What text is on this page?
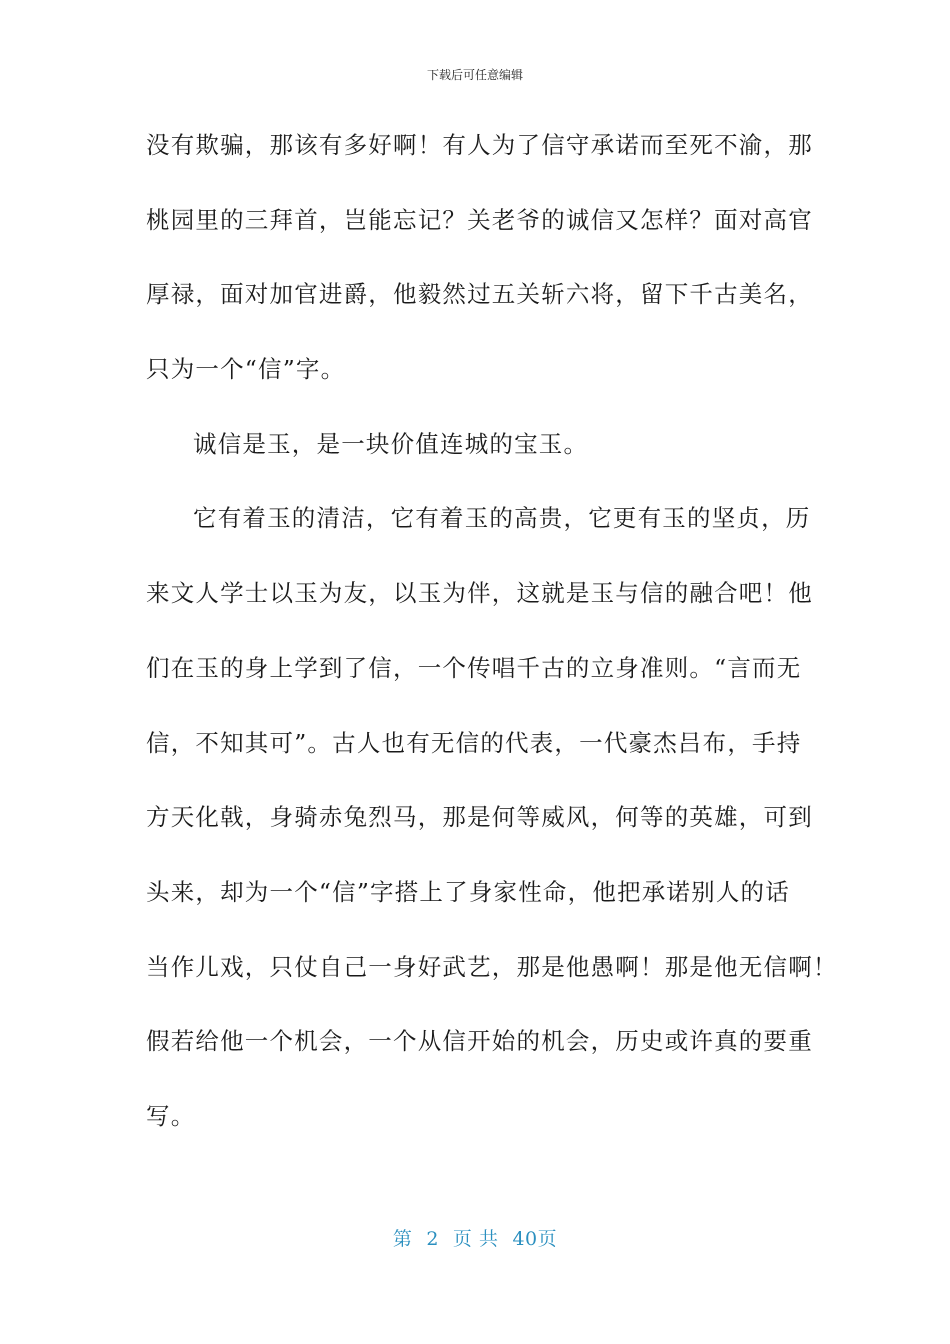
下载后可任意编辑
没有欺骗，那该有多好啊！有人为了信守承诺而至死不渝，那
桃园里的三拜首，岂能忘记？关老爷的诚信又怎样？面对高官
厚禄，面对加官进爵，他毅然过五关斩六将，留下千古美名，
只为一个“信”字。
诚信是玉，是一块价值连城的宝玉。
它有着玉的清洁，它有着玉的高贵，它更有玉的坚贞，历
来文人学士以玉为友，以玉为伴，这就是玉与信的融合吧！他
们在玉的身上学到了信，一个传唱千古的立身准则。“言而无
信，不知其可”。古人也有无信的代表，一代豪杰吕布，手持
方天化戟，身骑赤兔烈马，那是何等威风，何等的英雄，可到
头来，却为一个“信”字搭上了身家性命，他把承诺别人的话
当作儿戏，只仗自己一身好武艺，那是他愚啊！那是他无信啊！
假若给他一个机会，一个从信开始的机会，历史或许真的要重
写。
第 2 页 共 40页
